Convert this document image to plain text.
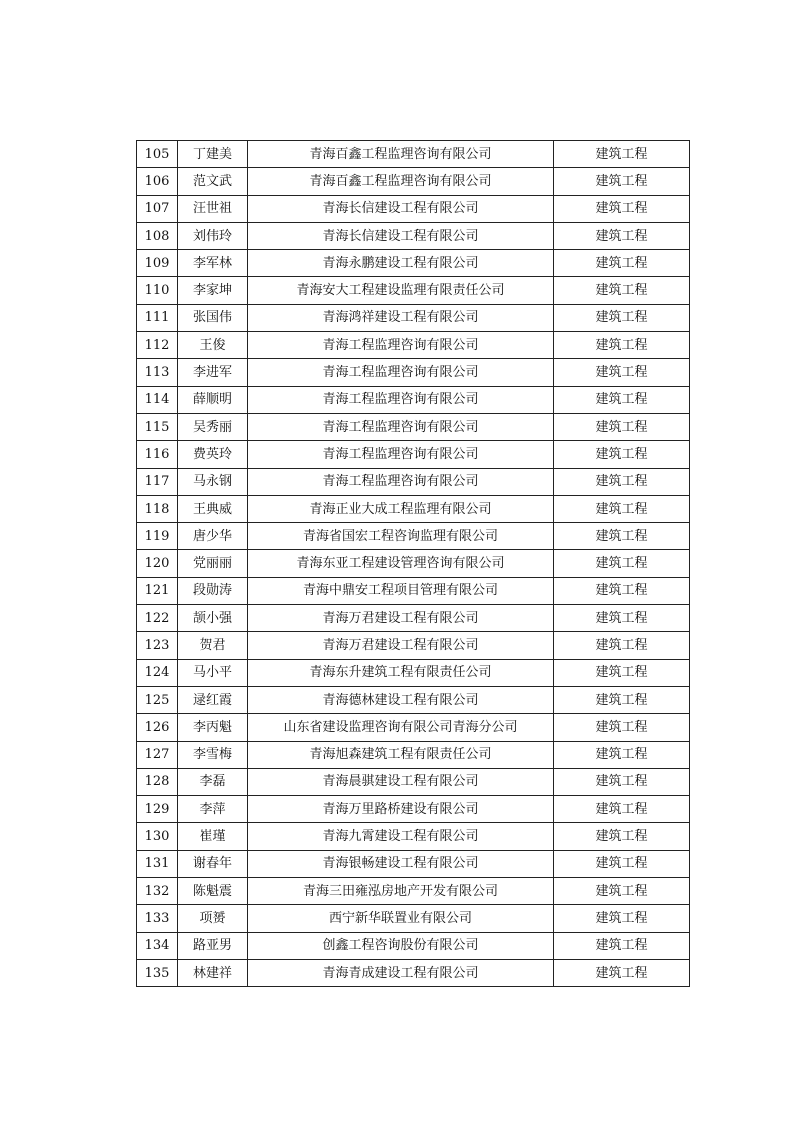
105	丁建美	青海百鑫工程监理咨询有限公司	建筑工程
106	范文武	青海百鑫工程监理咨询有限公司	建筑工程
107	汪世祖	青海长信建设工程有限公司	建筑工程
108	刘伟玲	青海长信建设工程有限公司	建筑工程
109	李军林	青海永鹏建设工程有限公司	建筑工程
110	李家坤	青海安大工程建设监理有限责任公司	建筑工程
111	张国伟	青海鸿祥建设工程有限公司	建筑工程
112	王俊	青海工程监理咨询有限公司	建筑工程
113	李进军	青海工程监理咨询有限公司	建筑工程
114	薛顺明	青海工程监理咨询有限公司	建筑工程
115	吴秀丽	青海工程监理咨询有限公司	建筑工程
116	费英玲	青海工程监理咨询有限公司	建筑工程
117	马永钢	青海工程监理咨询有限公司	建筑工程
118	王典威	青海正业大成工程监理有限公司	建筑工程
119	唐少华	青海省国宏工程咨询监理有限公司	建筑工程
120	党丽丽	青海东亚工程建设管理咨询有限公司	建筑工程
121	段勋涛	青海中鼎安工程项目管理有限公司	建筑工程
122	颉小强	青海万君建设工程有限公司	建筑工程
123	贺君	青海万君建设工程有限公司	建筑工程
124	马小平	青海东升建筑工程有限责任公司	建筑工程
125	逯红霞	青海德林建设工程有限公司	建筑工程
126	李丙魁	山东省建设监理咨询有限公司青海分公司	建筑工程
127	李雪梅	青海旭森建筑工程有限责任公司	建筑工程
128	李磊	青海晨骐建设工程有限公司	建筑工程
129	李萍	青海万里路桥建设有限公司	建筑工程
130	崔瑾	青海九霄建设工程有限公司	建筑工程
131	谢春年	青海银畅建设工程有限公司	建筑工程
132	陈魁震	青海三田雍泓房地产开发有限公司	建筑工程
133	项赟	西宁新华联置业有限公司	建筑工程
134	路亚男	创鑫工程咨询股份有限公司	建筑工程
135	林建祥	青海青成建设工程有限公司	建筑工程
